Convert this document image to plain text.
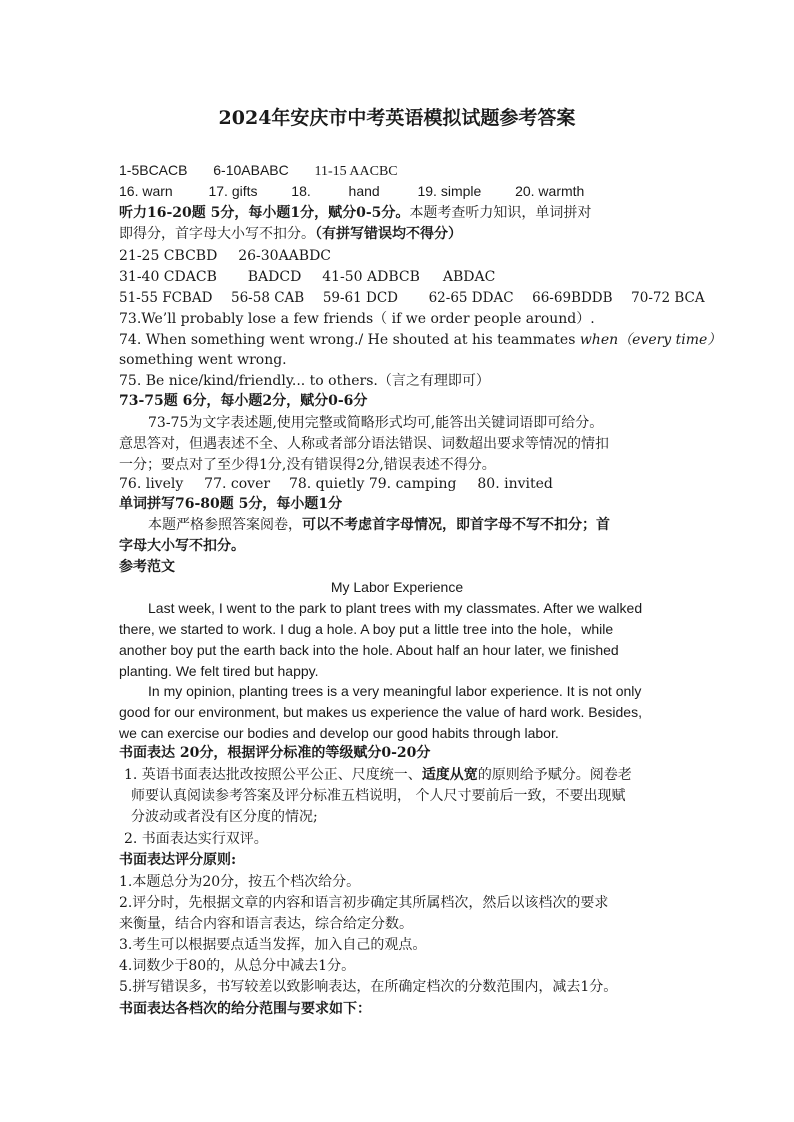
2024年安庆市中考英语模拟试题参考答案
1-5BCACB 6-10ABABC 11-15 AACBC
16. warn	17. gifts 18.	hand	19. simple 20. warmth
听力16-20题 5分，每小题1分，赋分0-5分。本题考查听力知识，单词拼对
即得分，首字母大小写不扣分。（有拼写错误均不得分）
21-25 CBCBD 26-30AABDC
31-40 CDACB BADCD 41-50 ADBCB ABDAC
51-55 FCBAD 56-58 CAB 59-61 DCD 62-65 DDAC 66-69BDDB 70-72 BCA
73.We’ll probably lose a few friends（ if we order people around）.
74. When something went wrong./ He shouted at his teammates when（every time）
something went wrong.
75. Be nice/kind/friendly... to others.（言之有理即可）
73-75题 6分，每小题2分，赋分0-6分
73-75为文字表述题,使用完整或简略形式均可,能答出关键词语即可给分。
意思答对，但遇表述不全、人称或者部分语法错误、词数超出要求等情况的情扣
一分；要点对了至少得1分,没有错误得2分,错误表述不得分。
76. lively 77. cover 78. quietly 79. camping 80. invited
单词拼写76-80题 5分，每小题1分
本题严格参照答案阅卷，可以不考虑首字母情况，即首字母不写不扣分；首
字母大小写不扣分。
参考范文
My Labor Experience
Last week, I went to the park to plant trees with my classmates. After we walked
there, we started to work. I dug a hole. A boy put a little tree into the hole，while
another boy put the earth back into the hole. About half an hour later, we finished
planting. We felt tired but happy.
In my opinion, planting trees is a very meaningful labor experience. It is not only
good for our environment, but makes us experience the value of hard work. Besides,
we can exercise our bodies and develop our good habits through labor.
书面表达 20分，根据评分标准的等级赋分0-20分
1. 英语书面表达批改按照公平公正、尺度统一、适度从宽的原则给予赋分。阅卷老
师要认真阅读参考答案及评分标准五档说明， 个人尺寸要前后一致，不要出现赋
分波动或者没有区分度的情况;
2. 书面表达实行双评。
书面表达评分原则:
1.本题总分为20分，按五个档次给分。
2.评分时，先根据文章的内容和语言初步确定其所属档次，然后以该档次的要求
来衡量，结合内容和语言表达，综合给定分数。
3.考生可以根据要点适当发挥，加入自己的观点。
4.词数少于80的，从总分中减去1分。
5.拼写错误多，书写较差以致影响表达，在所确定档次的分数范围内，减去1分。
书面表达各档次的给分范围与要求如下：
